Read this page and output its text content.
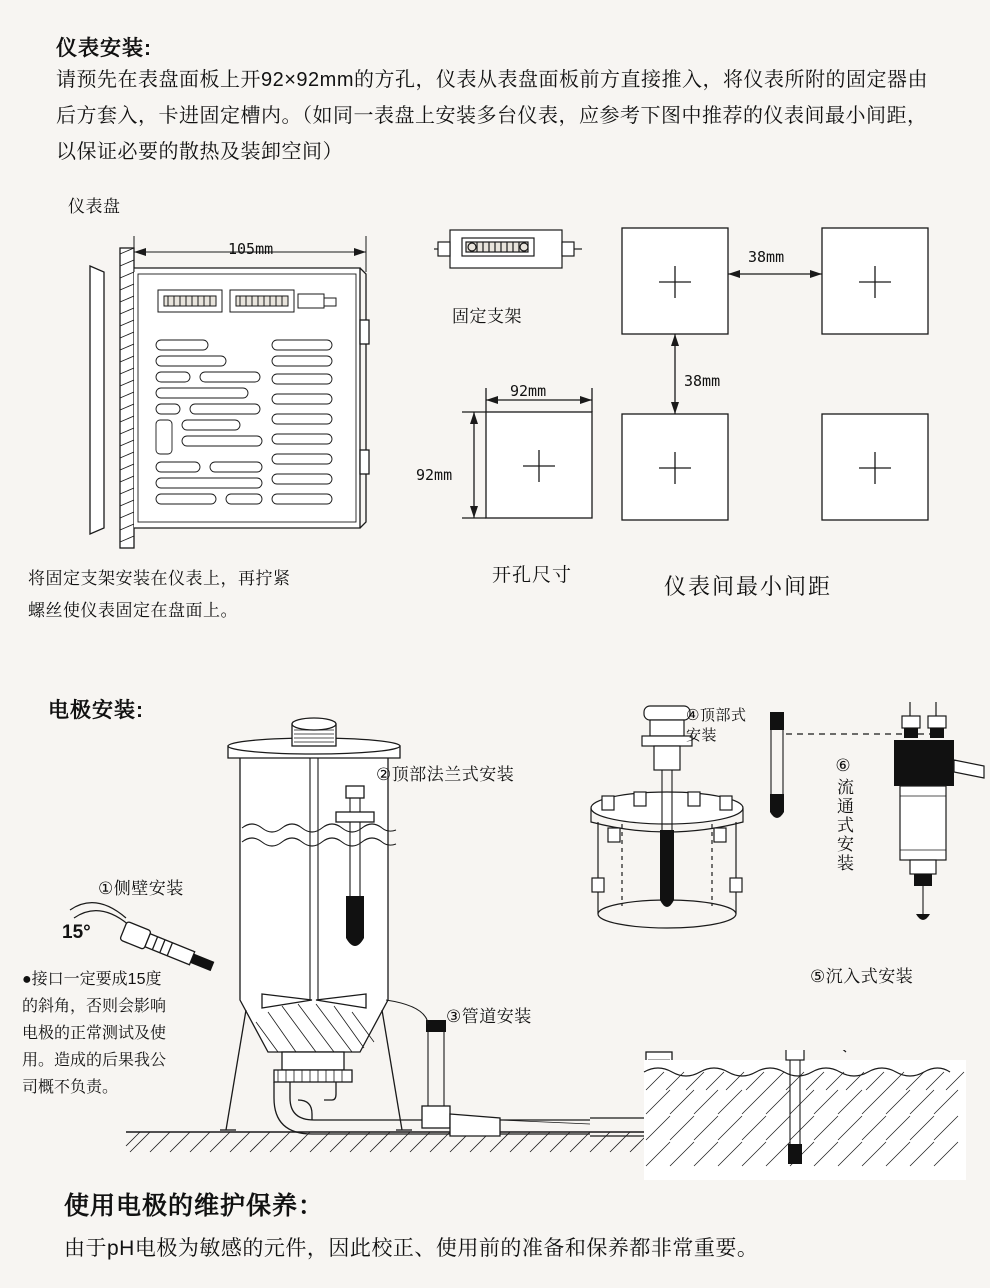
仪表安装:
请预先在表盘面板上开92×92mm的方孔，仪表从表盘面板前方直接推入，将仪表所附的固定器由后方套入，卡进固定槽内。（如同一表盘上安装多台仪表，应参考下图中推荐的仪表间最小间距，以保证必要的散热及装卸空间）
仪表盘
105mm
将固定支架安装在仪表上，再拧紧
螺丝使仪表固定在盘面上。
固定支架
92mm
92mm
开孔尺寸
38mm
38mm
仪表间最小间距
电极安装:
15°
①侧壁安装
②顶部法兰式安装
③管道安装
④顶部式安装
⑤沉入式安装
⑥流通式安装
●接口一定要成15度
的斜角，否则会影响
电极的正常测试及使
用。造成的后果我公
司概不负责。
使用电极的维护保养：
由于pH电极为敏感的元件，因此校正、使用前的准备和保养都非常重要。
